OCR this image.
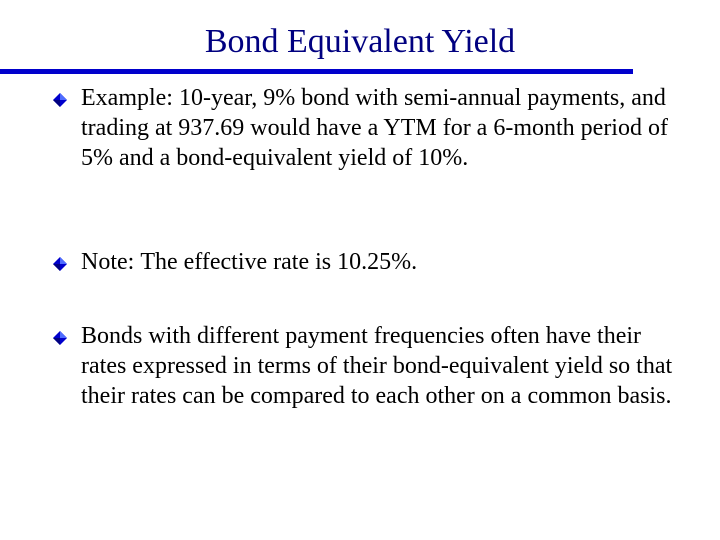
Bond Equivalent Yield
Example: 10-year, 9% bond with semi-annual payments, and trading at 937.69 would have a YTM for a 6-month period of 5% and a bond-equivalent yield of 10%.
Note: The effective rate is 10.25%.
Bonds with different payment frequencies often have their rates expressed in terms of their bond-equivalent yield so that their rates can be compared to each other on a common basis.
